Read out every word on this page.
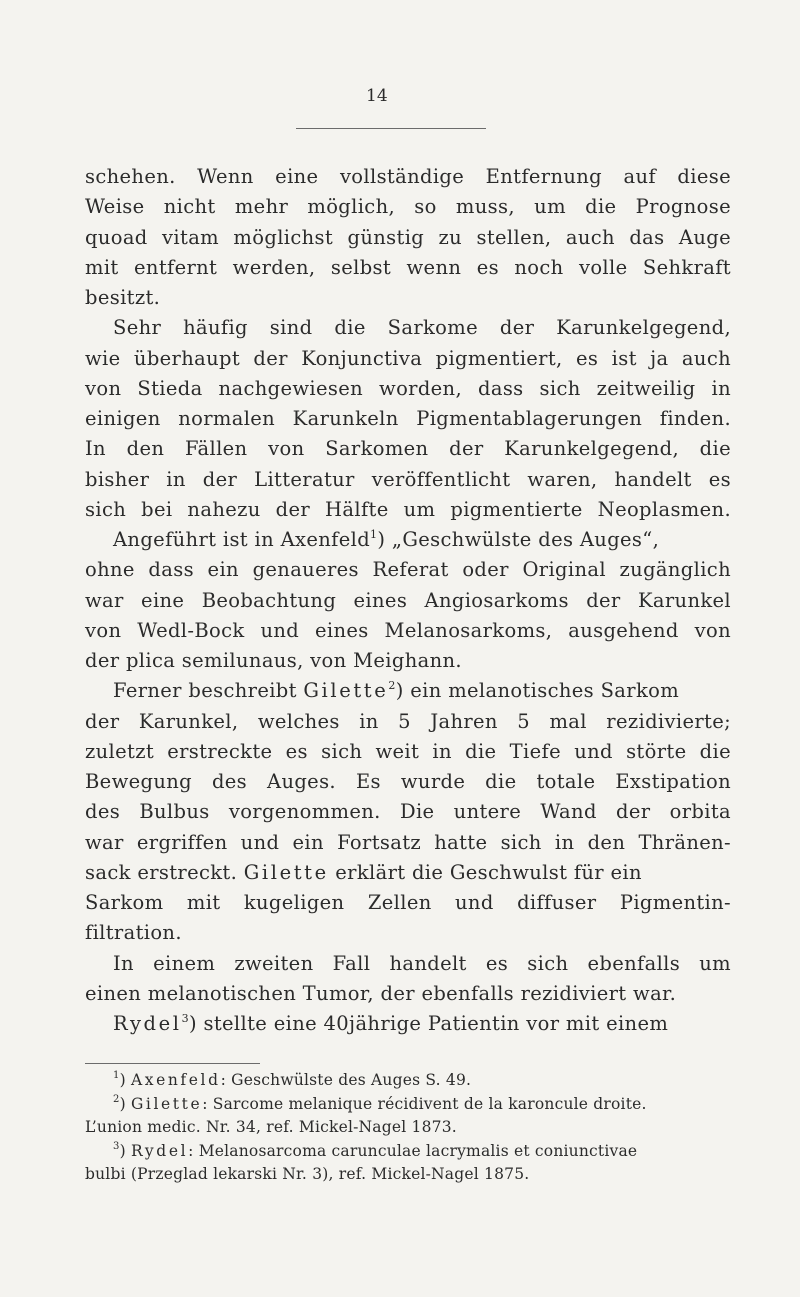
14
schehen. Wenn eine vollständige Entfernung auf diese
Weise nicht mehr möglich, so muss, um die Prognose
quoad vitam möglichst günstig zu stellen, auch das Auge
mit entfernt werden, selbst wenn es noch volle Sehkraft
besitzt.
Sehr häufig sind die Sarkome der Karunkelgegend,
wie überhaupt der Konjunctiva pigmentiert, es ist ja auch
von Stieda nachgewiesen worden, dass sich zeitweilig in
einigen normalen Karunkeln Pigmentablagerungen finden.
In den Fällen von Sarkomen der Karunkelgegend, die
bisher in der Litteratur veröffentlicht waren, handelt es
sich bei nahezu der Hälfte um pigmentierte Neoplasmen.
Angeführt ist in Axenfeld$^1$) „Geschwülste des Auges“,
ohne dass ein genaueres Referat oder Original zugänglich
war eine Beobachtung eines Angiosarkoms der Karunkel
von Wedl-Bock und eines Melanosarkoms, ausgehend von
der plica semilunaus, von Meighann.
Ferner beschreibt Gilette$^2$) ein melanotisches Sarkom
der Karunkel, welches in 5 Jahren 5 mal rezidivierte;
zuletzt erstreckte es sich weit in die Tiefe und störte die
Bewegung des Auges. Es wurde die totale Exstipation
des Bulbus vorgenommen. Die untere Wand der orbita
war ergriffen und ein Fortsatz hatte sich in den Thränen-
sack erstreckt. Gilette erklärt die Geschwulst für ein
Sarkom mit kugeligen Zellen und diffuser Pigmentin-
filtration.
In einem zweiten Fall handelt es sich ebenfalls um
einen melanotischen Tumor, der ebenfalls rezidiviert war.
Rydel$^3$) stellte eine 40jährige Patientin vor mit einem
$^1$) Axenfeld: Geschwülste des Auges S. 49.
$^2$) Gilette: Sarcome melanique récidivent de la karoncule droite.
L’union medic. Nr. 34, ref. Mickel-Nagel 1873.
$^3$) Rydel: Melanosarcoma carunculae lacrymalis et coniunctivae
bulbi (Przeglad lekarski Nr. 3), ref. Mickel-Nagel 1875.
